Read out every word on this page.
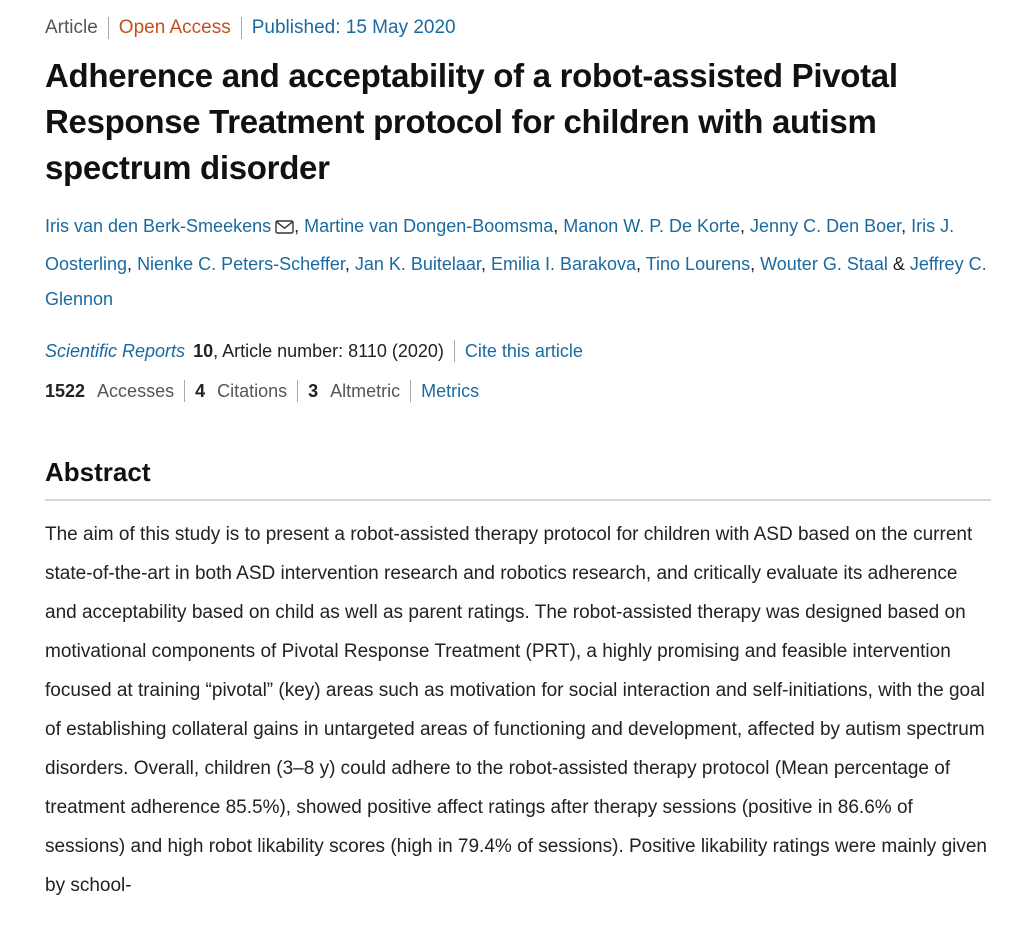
Article Open Access Published: 15 May 2020
Adherence and acceptability of a robot-assisted Pivotal Response Treatment protocol for children with autism spectrum disorder
Iris van den Berk-Smeekens , Martine van Dongen-Boomsma, Manon W. P. De Korte, Jenny C. Den Boer, Iris J. Oosterling, Nienke C. Peters-Scheffer, Jan K. Buitelaar, Emilia I. Barakova, Tino Lourens, Wouter G. Staal & Jeffrey C. Glennon
Scientific Reports 10 , Article number: 8110 (2020) Cite this article
1522 Accesses 4 Citations 3 Altmetric Metrics
Abstract

The aim of this study is to present a robot-assisted therapy protocol for children with ASD based on the current state-of-the-art in both ASD intervention research and robotics research, and critically evaluate its adherence and acceptability based on child as well as parent ratings. The robot-assisted therapy was designed based on motivational components of Pivotal Response Treatment (PRT), a highly promising and feasible intervention focused at training “pivotal” (key) areas such as motivation for social interaction and self-initiations, with the goal of establishing collateral gains in untargeted areas of functioning and development, affected by autism spectrum disorders. Overall, children (3–8 y) could adhere to the robot-assisted therapy protocol (Mean percentage of treatment adherence 85.5%), showed positive affect ratings after therapy sessions (positive in 86.6% of sessions) and high robot likability scores (high in 79.4% of sessions). Positive likability ratings were mainly given by school-
